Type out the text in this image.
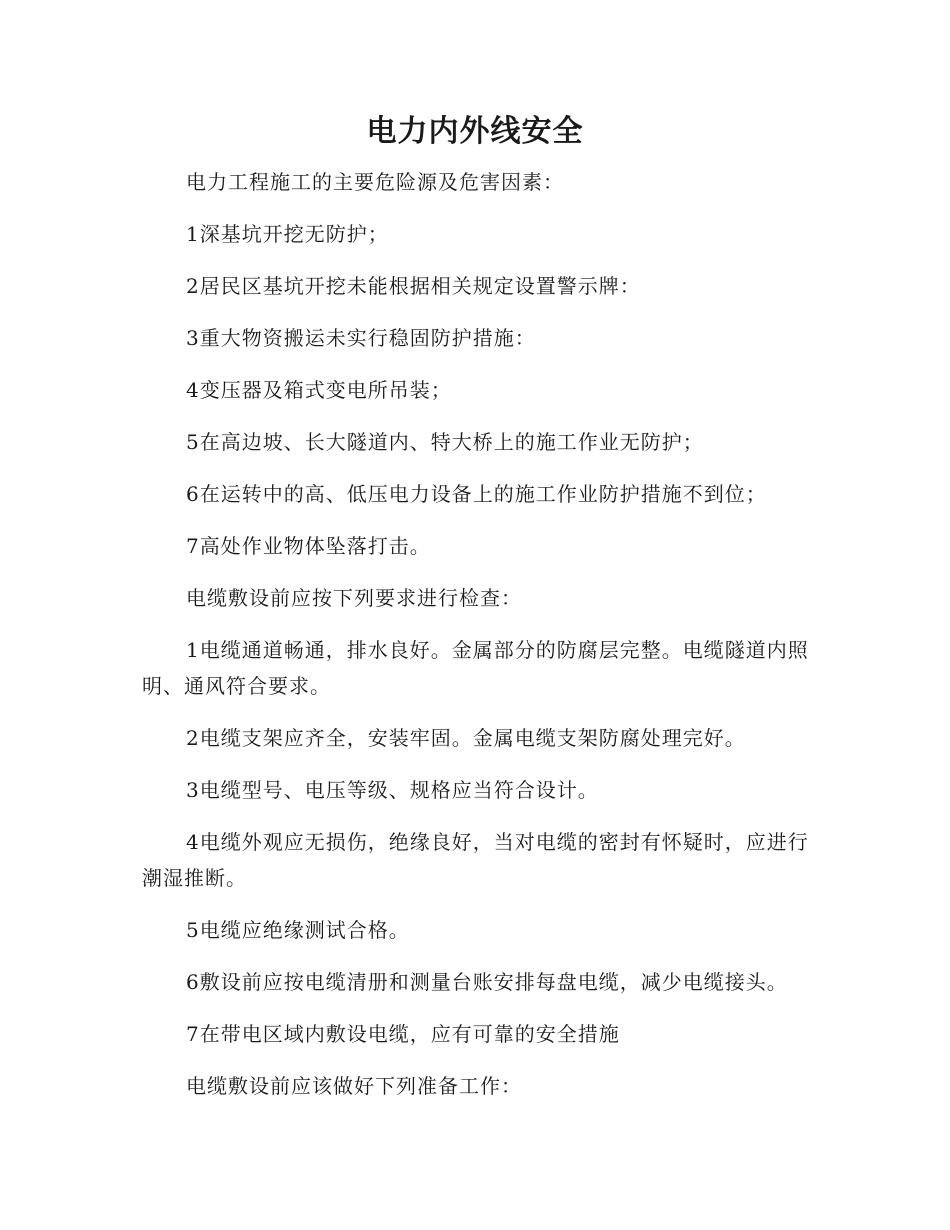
电力内外线安全

电力工程施工的主要危险源及危害因素：

1深基坑开挖无防护；

2居民区基坑开挖未能根据相关规定设置警示牌：

3重大物资搬运未实行稳固防护措施：

4变压器及箱式变电所吊装；

5在高边坡、长大隧道内、特大桥上的施工作业无防护；

6在运转中的高、低压电力设备上的施工作业防护措施不到位；

7高处作业物体坠落打击。

电缆敷设前应按下列要求进行检查：

1电缆通道畅通，排水良好。金属部分的防腐层完整。电缆隧道内照明、通风符合要求。

2电缆支架应齐全，安装牢固。金属电缆支架防腐处理完好。

3电缆型号、电压等级、规格应当符合设计。

4电缆外观应无损伤，绝缘良好，当对电缆的密封有怀疑时，应进行潮湿推断。

5电缆应绝缘测试合格。

6敷设前应按电缆清册和测量台账安排每盘电缆，减少电缆接头。

7在带电区域内敷设电缆，应有可靠的安全措施

电缆敷设前应该做好下列准备工作：
